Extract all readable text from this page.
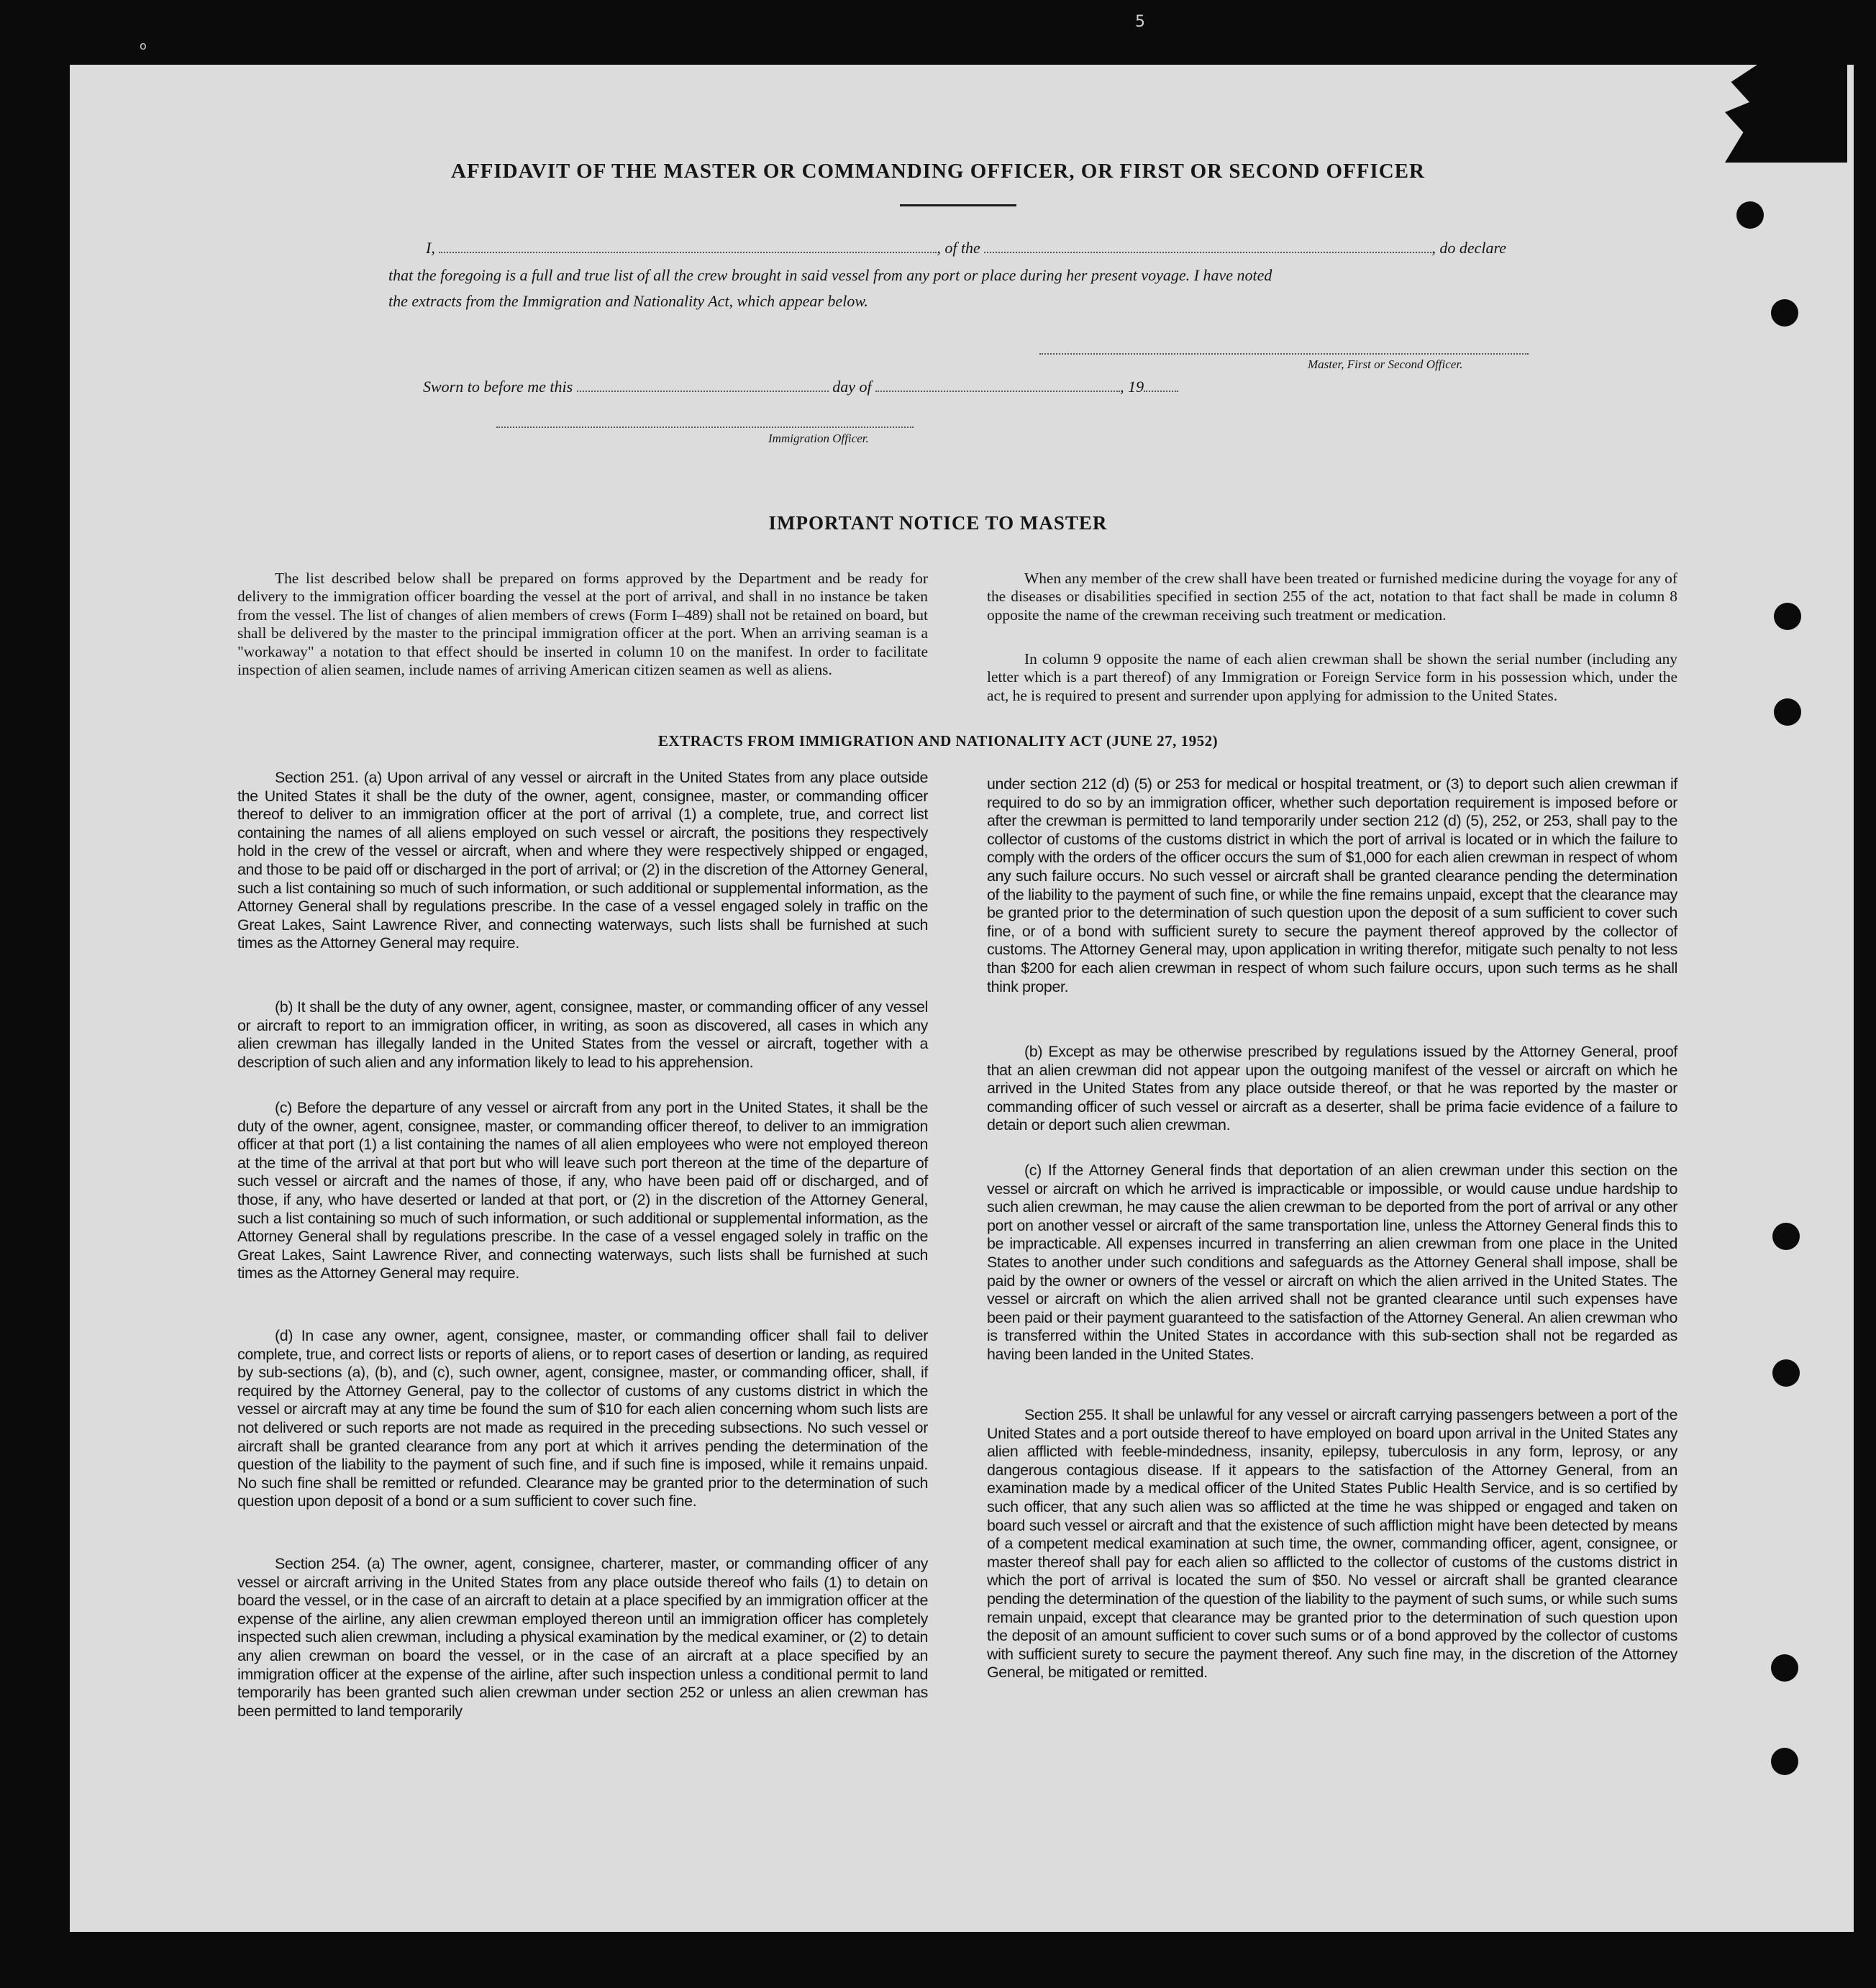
5
o
AFFIDAVIT OF THE MASTER OR COMMANDING OFFICER, OR FIRST OR SECOND OFFICER
I,	, of the	, do declare
that the foregoing is a full and true list of all the crew brought in said vessel from any port or place during her present voyage. I have noted
the extracts from the Immigration and Nationality Act, which appear below.
Master, First or Second Officer.
Sworn to before me this	day of	, 19
Immigration Officer.
IMPORTANT NOTICE TO MASTER

The list described below shall be prepared on forms approved by the Department and be ready for delivery to the immigration officer boarding the vessel at the port of arrival, and shall in no instance be taken from the vessel. The list of changes of alien members of crews (Form I–489) shall not be retained on board, but shall be delivered by the master to the principal immigration officer at the port. When an arriving seaman is a "workaway" a notation to that effect should be inserted in column 10 on the manifest. In order to facilitate inspection of alien seamen, include names of arriving American citizen seamen as well as aliens.

When any member of the crew shall have been treated or furnished medicine during the voyage for any of the diseases or disabilities specified in section 255 of the act, notation to that fact shall be made in column 8 opposite the name of the crewman receiving such treatment or medication.

In column 9 opposite the name of each alien crewman shall be shown the serial number (including any letter which is a part thereof) of any Immigration or Foreign Service form in his possession which, under the act, he is required to present and surrender upon applying for admission to the United States.

EXTRACTS FROM IMMIGRATION AND NATIONALITY ACT (JUNE 27, 1952)

Section 251. (a) Upon arrival of any vessel or aircraft in the United States from any place outside the United States it shall be the duty of the owner, agent, consignee, master, or commanding officer thereof to deliver to an immigration officer at the port of arrival (1) a complete, true, and correct list containing the names of all aliens employed on such vessel or aircraft, the positions they respectively hold in the crew of the vessel or aircraft, when and where they were respectively shipped or engaged, and those to be paid off or discharged in the port of arrival; or (2) in the discretion of the Attorney General, such a list containing so much of such information, or such additional or supplemental information, as the Attorney General shall by regulations prescribe. In the case of a vessel engaged solely in traffic on the Great Lakes, Saint Lawrence River, and connecting waterways, such lists shall be furnished at such times as the Attorney General may require.

(b) It shall be the duty of any owner, agent, consignee, master, or commanding officer of any vessel or aircraft to report to an immigration officer, in writing, as soon as discovered, all cases in which any alien crewman has illegally landed in the United States from the vessel or aircraft, together with a description of such alien and any information likely to lead to his apprehension.

(c) Before the departure of any vessel or aircraft from any port in the United States, it shall be the duty of the owner, agent, consignee, master, or commanding officer thereof, to deliver to an immigration officer at that port (1) a list containing the names of all alien employees who were not employed thereon at the time of the arrival at that port but who will leave such port thereon at the time of the departure of such vessel or aircraft and the names of those, if any, who have been paid off or discharged, and of those, if any, who have deserted or landed at that port, or (2) in the discretion of the Attorney General, such a list containing so much of such information, or such additional or supplemental information, as the Attorney General shall by regulations prescribe. In the case of a vessel engaged solely in traffic on the Great Lakes, Saint Lawrence River, and connecting waterways, such lists shall be furnished at such times as the Attorney General may require.

(d) In case any owner, agent, consignee, master, or commanding officer shall fail to deliver complete, true, and correct lists or reports of aliens, or to report cases of desertion or landing, as required by sub-sections (a), (b), and (c), such owner, agent, consignee, master, or commanding officer, shall, if required by the Attorney General, pay to the collector of customs of any customs district in which the vessel or aircraft may at any time be found the sum of $10 for each alien concerning whom such lists are not delivered or such reports are not made as required in the preceding subsections. No such vessel or aircraft shall be granted clearance from any port at which it arrives pending the determination of the question of the liability to the payment of such fine, and if such fine is imposed, while it remains unpaid. No such fine shall be remitted or refunded. Clearance may be granted prior to the determination of such question upon deposit of a bond or a sum sufficient to cover such fine.

Section 254. (a) The owner, agent, consignee, charterer, master, or commanding officer of any vessel or aircraft arriving in the United States from any place outside thereof who fails (1) to detain on board the vessel, or in the case of an aircraft to detain at a place specified by an immigration officer at the expense of the airline, any alien crewman employed thereon until an immigration officer has completely inspected such alien crewman, including a physical examination by the medical examiner, or (2) to detain any alien crewman on board the vessel, or in the case of an aircraft at a place specified by an immigration officer at the expense of the airline, after such inspection unless a conditional permit to land temporarily has been granted such alien crewman under section 252 or unless an alien crewman has been permitted to land temporarily

under section 212 (d) (5) or 253 for medical or hospital treatment, or (3) to deport such alien crewman if required to do so by an immigration officer, whether such deportation requirement is imposed before or after the crewman is permitted to land temporarily under section 212 (d) (5), 252, or 253, shall pay to the collector of customs of the customs district in which the port of arrival is located or in which the failure to comply with the orders of the officer occurs the sum of $1,000 for each alien crewman in respect of whom any such failure occurs. No such vessel or aircraft shall be granted clearance pending the determination of the liability to the payment of such fine, or while the fine remains unpaid, except that the clearance may be granted prior to the determination of such question upon the deposit of a sum sufficient to cover such fine, or of a bond with sufficient surety to secure the payment thereof approved by the collector of customs. The Attorney General may, upon application in writing therefor, mitigate such penalty to not less than $200 for each alien crewman in respect of whom such failure occurs, upon such terms as he shall think proper.

(b) Except as may be otherwise prescribed by regulations issued by the Attorney General, proof that an alien crewman did not appear upon the outgoing manifest of the vessel or aircraft on which he arrived in the United States from any place outside thereof, or that he was reported by the master or commanding officer of such vessel or aircraft as a deserter, shall be prima facie evidence of a failure to detain or deport such alien crewman.

(c) If the Attorney General finds that deportation of an alien crewman under this section on the vessel or aircraft on which he arrived is impracticable or impossible, or would cause undue hardship to such alien crewman, he may cause the alien crewman to be deported from the port of arrival or any other port on another vessel or aircraft of the same transportation line, unless the Attorney General finds this to be impracticable. All expenses incurred in transferring an alien crewman from one place in the United States to another under such conditions and safeguards as the Attorney General shall impose, shall be paid by the owner or owners of the vessel or aircraft on which the alien arrived in the United States. The vessel or aircraft on which the alien arrived shall not be granted clearance until such expenses have been paid or their payment guaranteed to the satisfaction of the Attorney General. An alien crewman who is transferred within the United States in accordance with this sub-section shall not be regarded as having been landed in the United States.

Section 255. It shall be unlawful for any vessel or aircraft carrying passengers between a port of the United States and a port outside thereof to have employed on board upon arrival in the United States any alien afflicted with feeble-mindedness, insanity, epilepsy, tuberculosis in any form, leprosy, or any dangerous contagious disease. If it appears to the satisfaction of the Attorney General, from an examination made by a medical officer of the United States Public Health Service, and is so certified by such officer, that any such alien was so afflicted at the time he was shipped or engaged and taken on board such vessel or aircraft and that the existence of such affliction might have been detected by means of a competent medical examination at such time, the owner, commanding officer, agent, consignee, or master thereof shall pay for each alien so afflicted to the collector of customs of the customs district in which the port of arrival is located the sum of $50. No vessel or aircraft shall be granted clearance pending the determination of the question of the liability to the payment of such sums, or while such sums remain unpaid, except that clearance may be granted prior to the determination of such question upon the deposit of an amount sufficient to cover such sums or of a bond approved by the collector of customs with sufficient surety to secure the payment thereof. Any such fine may, in the discretion of the Attorney General, be mitigated or remitted.
